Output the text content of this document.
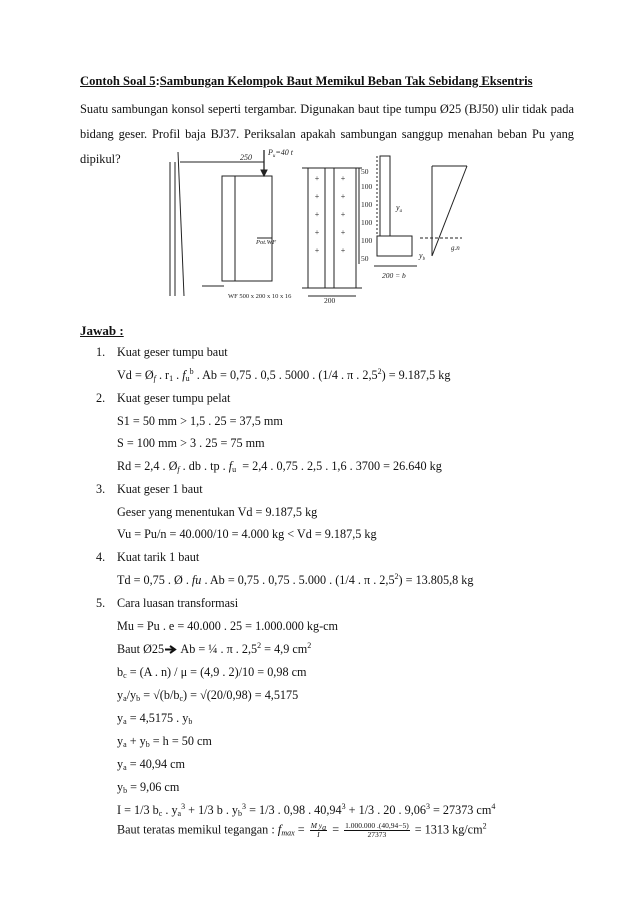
Contoh Soal 5:Sambungan Kelompok Baut Memikul Beban Tak Sebidang Eksentris
Suatu sambungan konsol seperti tergambar. Digunakan baut tipe tumpu Ø25 (BJ50) ulir tidak pada bidang geser. Profil baja BJ37. Periksalan apakah sambungan sanggup menahan beban Pu yang dipikul?
+	+
+	+
+	+
+	+
+	+
250
$P_u=40$ t
Pot.WF
WF 500 x 200 x 10 x 16
50
100
100
100
100
50
200
200 = b
$y_a$
$y_b$
g.n
Jawab :
1. Kuat geser tumpu baut
$Vd = Ø_f$ . $r_1$ . $f_u^b$ . Ab = 0,75 . 0,5 . 5000 . (1/4 . π . $2,5^2) = 9.187,5$ kg
2. Kuat geser tumpu pelat
S1 = 50 mm > 1,5 . 25 = 37,5 mm
S = 100 mm > 3 . 25 = 75 mm
Rd = 2,4 . $Ø_f$ . db . tp . $f_u = 2,4$ . 0,75 . 2,5 . 1,6 . 3700 = 26.640 kg
3. Kuat geser 1 baut
Geser yang menentukan Vd = 9.187,5 kg
Vu = Pu/n = 40.000/10 = 4.000 kg < Vd = 9.187,5 kg
4. Kuat tarik 1 baut
Td = 0,75 . Ø . fu . Ab = 0,75 . 0,75 . 5.000 . (1/4 . π . $2,5^2) = 13.805,8$ kg
5. Cara luasan transformasi
Mu = Pu . e = 40.000 . 25 = 1.000.000 kg-cm
Baut Ø25 Ab = ¼ . π . $2,5^2 = 4,9$ $cm^2$
$b_c = (A$ . n) / μ = (4,9 . 2)/10 = 0,98 cm
$y_a/y_b = √(b/b_c) = √(20/0,98) = 4,5175$
$y_a = 4,5175$ . $y_b$
$y_a + y_b = h = 50$ cm
$y_a = 40,94$ cm
$y_b = 9,06$ cm
I = 1/3 $b_c$ . $y_a^3 + 1/3$ b . $y_b^3 = 1/3$ . 0,98 . $40,94^3 + 1/3$ . 20 . $9,06^3 = 27373$ $cm^4$
Baut teratas memikul tegangan : $f_{max} = \frac{M y_a}{I} = \frac{1.000.000 .(40,94-5)}{27373} = 1313$ $kg/cm^2$
